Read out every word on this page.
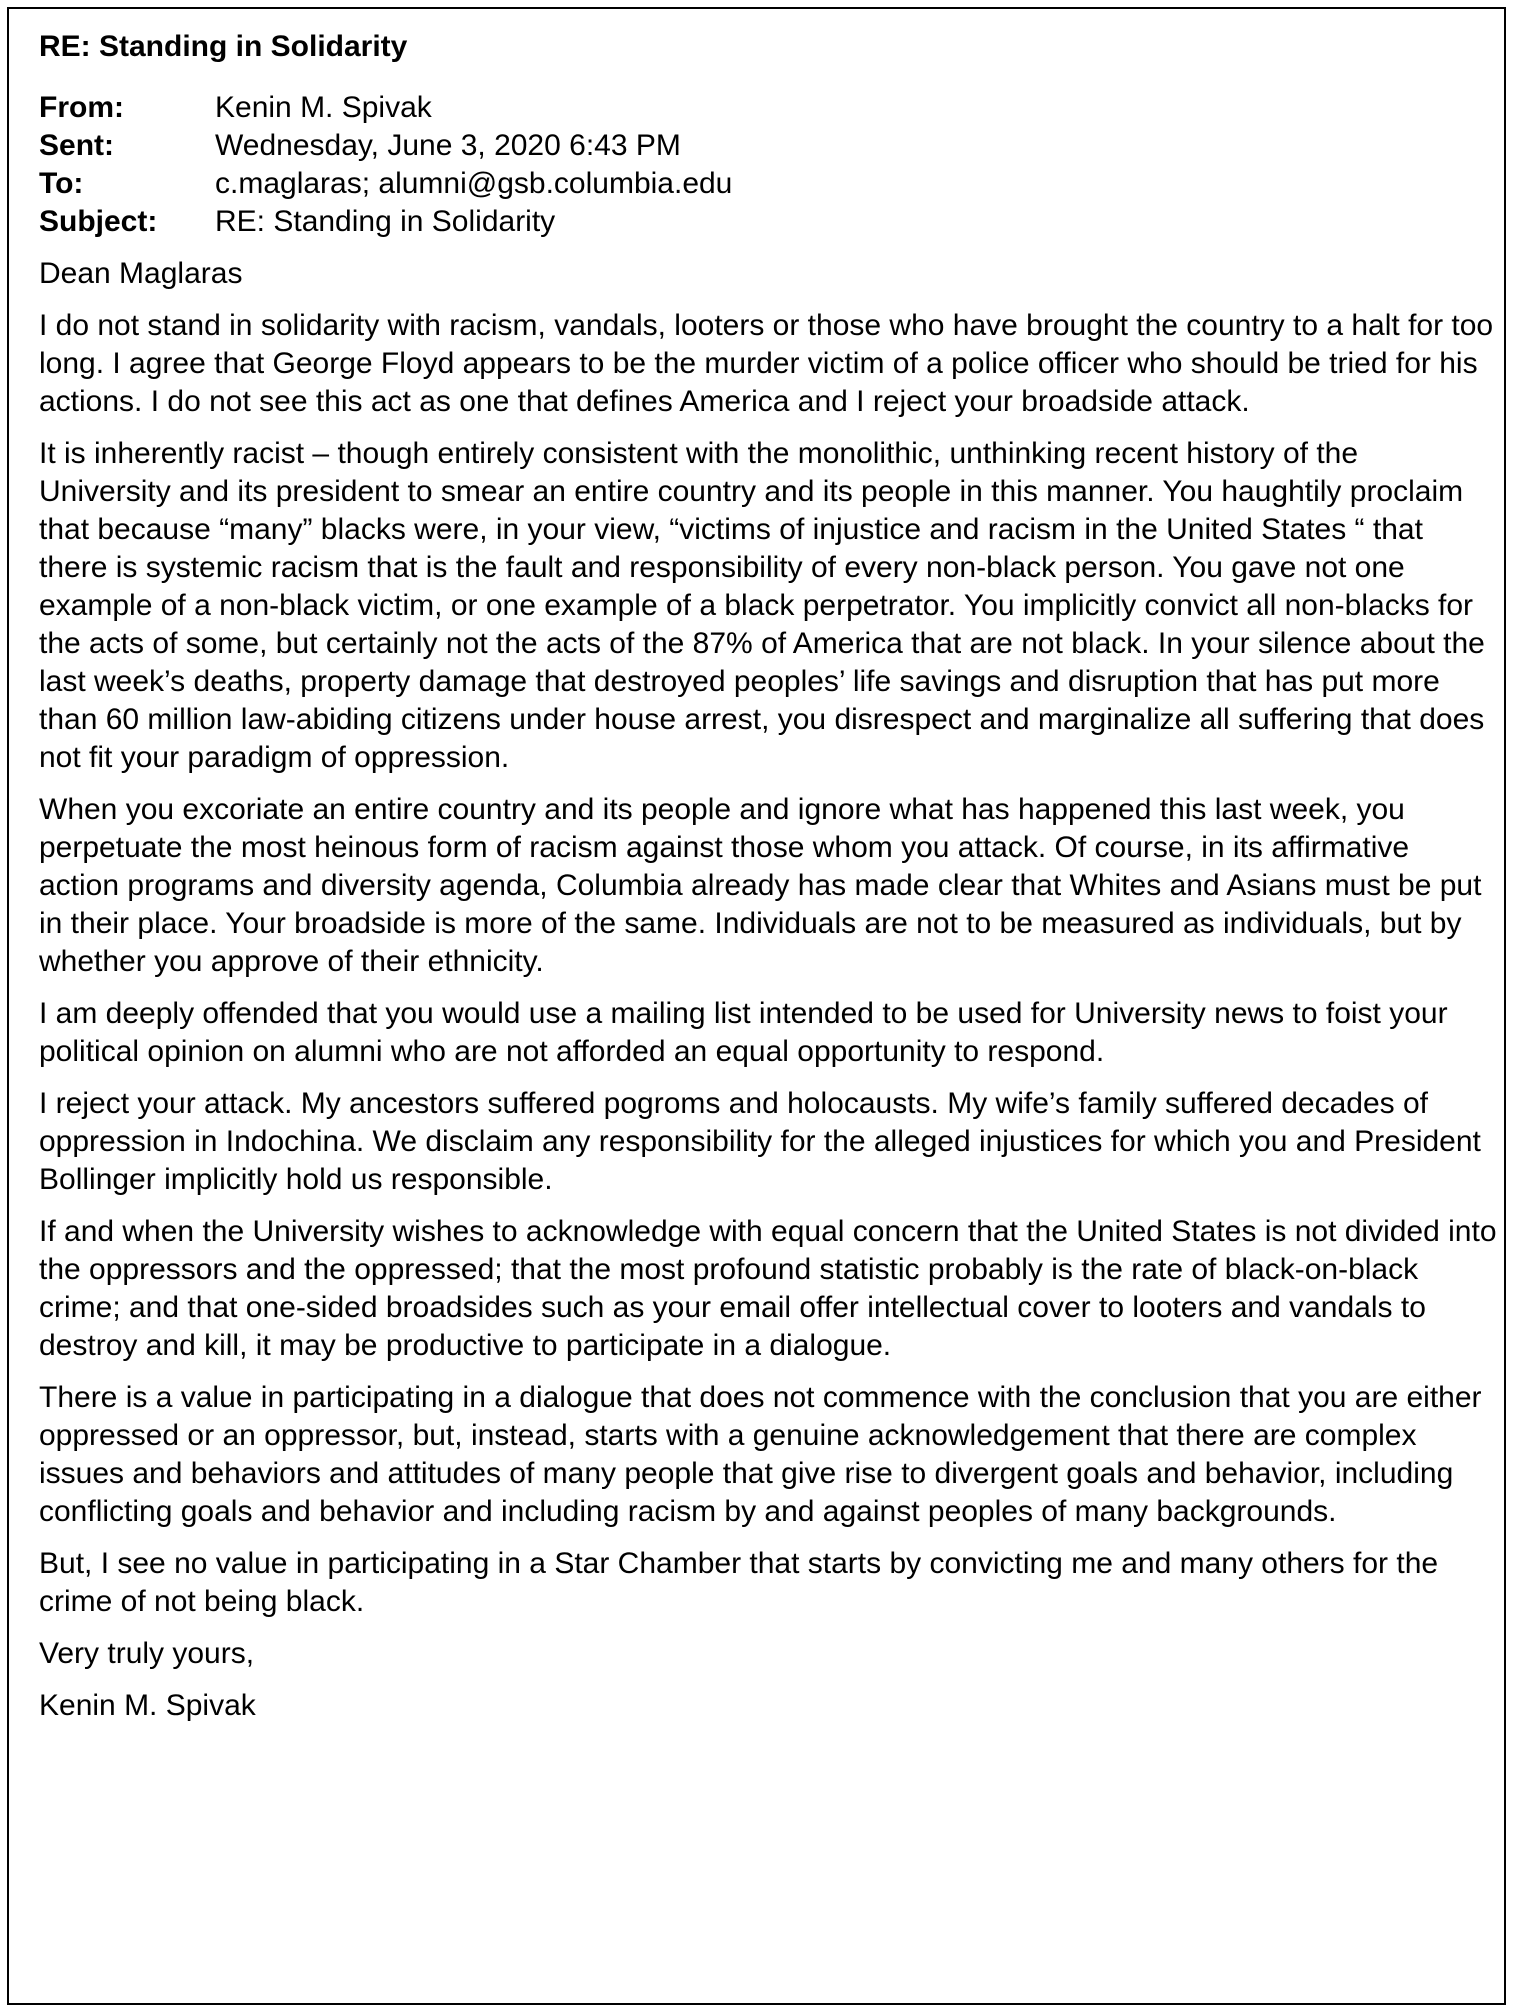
RE: Standing in Solidarity
From:	Kenin M. Spivak
Sent:	Wednesday, June 3, 2020 6:43 PM
To:	c.maglaras; alumni@gsb.columbia.edu
Subject:	RE: Standing in Solidarity

Dean Maglaras

I do not stand in solidarity with racism, vandals, looters or those who have brought the country to a halt for too long. I agree that George Floyd appears to be the murder victim of a police officer who should be tried for his actions. I do not see this act as one that defines America and I reject your broadside attack.

It is inherently racist – though entirely consistent with the monolithic, unthinking recent history of the University and its president to smear an entire country and its people in this manner. You haughtily proclaim that because “many” blacks were, in your view, “victims of injustice and racism in the United States “ that there is systemic racism that is the fault and responsibility of every non-black person. You gave not one example of a non-black victim, or one example of a black perpetrator. You implicitly convict all non-blacks for the acts of some, but certainly not the acts of the 87% of America that are not black. In your silence about the last week’s deaths, property damage that destroyed peoples’ life savings and disruption that has put more than 60 million law-abiding citizens under house arrest, you disrespect and marginalize all suffering that does not fit your paradigm of oppression.

When you excoriate an entire country and its people and ignore what has happened this last week, you perpetuate the most heinous form of racism against those whom you attack. Of course, in its affirmative action programs and diversity agenda, Columbia already has made clear that Whites and Asians must be put in their place. Your broadside is more of the same. Individuals are not to be measured as individuals, but by whether you approve of their ethnicity.

I am deeply offended that you would use a mailing list intended to be used for University news to foist your political opinion on alumni who are not afforded an equal opportunity to respond.

I reject your attack. My ancestors suffered pogroms and holocausts. My wife’s family suffered decades of oppression in Indochina. We disclaim any responsibility for the alleged injustices for which you and President Bollinger implicitly hold us responsible.

If and when the University wishes to acknowledge with equal concern that the United States is not divided into the oppressors and the oppressed; that the most profound statistic probably is the rate of black-on-black crime; and that one-sided broadsides such as your email offer intellectual cover to looters and vandals to destroy and kill, it may be productive to participate in a dialogue.

There is a value in participating in a dialogue that does not commence with the conclusion that you are either oppressed or an oppressor, but, instead, starts with a genuine acknowledgement that there are complex issues and behaviors and attitudes of many people that give rise to divergent goals and behavior, including conflicting goals and behavior and including racism by and against peoples of many backgrounds.

But, I see no value in participating in a Star Chamber that starts by convicting me and many others for the crime of not being black.

Very truly yours,

Kenin M. Spivak
